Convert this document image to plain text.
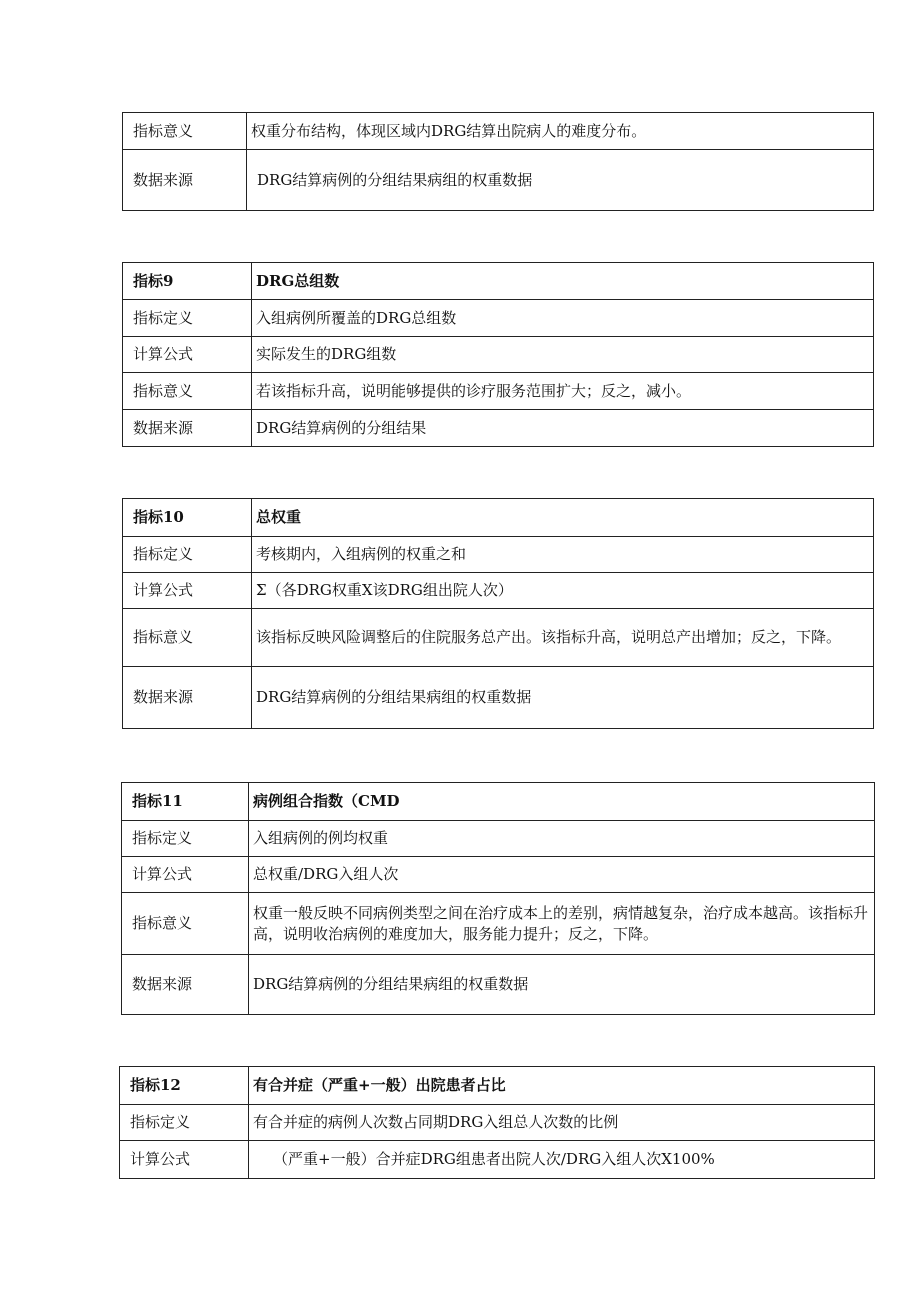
指标意义	权重分布结构，体现区域内DRG结算出院病人的难度分布。
数据来源	DRG结算病例的分组结果病组的权重数据
指标9	DRG总组数
指标定义	入组病例所覆盖的DRG总组数
计算公式	实际发生的DRG组数
指标意义	若该指标升高，说明能够提供的诊疗服务范围扩大；反之，减小。
数据来源	DRG结算病例的分组结果
指标10	总权重
指标定义	考核期内，入组病例的权重之和
计算公式	Σ（各DRG权重X该DRG组出院人次）
指标意义	该指标反映风险调整后的住院服务总产出。该指标升高，说明总产出增加；反之，下降。
数据来源	DRG结算病例的分组结果病组的权重数据
指标11	病例组合指数（CMD
指标定义	入组病例的例均权重
计算公式	总权重/DRG入组人次
指标意义	权重一般反映不同病例类型之间在治疗成本上的差别，病情越复杂，治疗成本越高。该指标升高，说明收治病例的难度加大，服务能力提升；反之，下降。
数据来源	DRG结算病例的分组结果病组的权重数据
指标12	有合并症（严重+一般）出院患者占比
指标定义	有合并症的病例人次数占同期DRG入组总人次数的比例
计算公式	（严重+一般）合并症DRG组患者出院人次/DRG入组人次X100%
